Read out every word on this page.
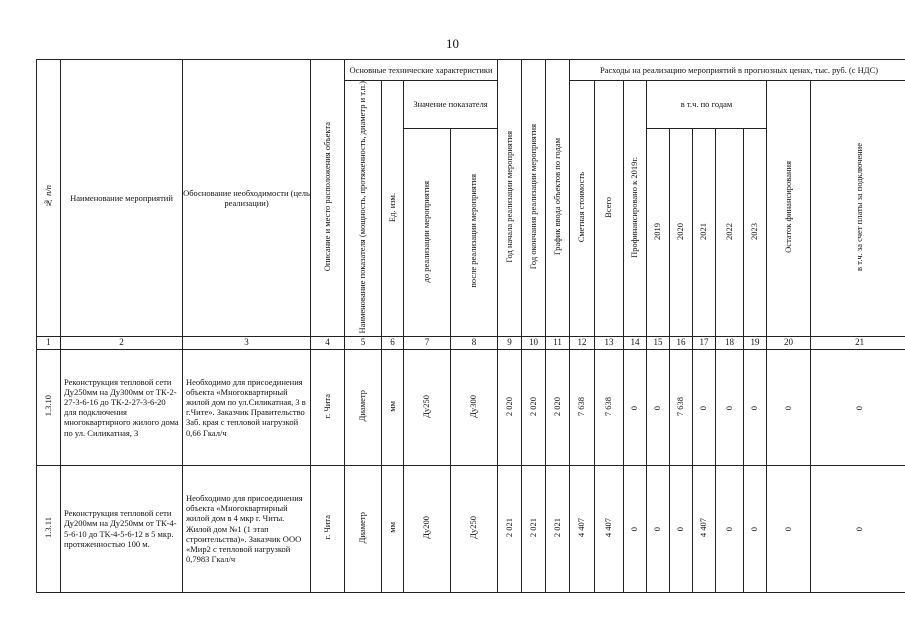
10
№ п/п	Наименование мероприятий	Обоснование необходимости (цель реализации)	Описание и место расположения объекта	Основные технические характеристики				Год начала реализации мероприятия	Год окончания реализации мероприятия	График ввода объектов по годам	Расходы на реализацию мероприятий в прогнозных ценах, тыс. руб. (с НДС)									
				Наименование показателя (мощность, протяженность, диаметр и т.п.)	Ед. изм.	Значение показателя					Сметная стоимость	Всего	Профинансировано к 2019г.	в т.ч. по годам					Остаток финансирования	в т.ч. за счет платы за подключение

						до реализации мероприятия	после реализации мероприятия							2019	2020	2021	2022	2023		

1	2	3	4	5	6	7	8	9	10	11	12	13	14	15	16	17	18	19	20	21
1.3.10	Реконструкция тепловой сети Ду250мм на Ду300мм от ТК-2-27-3-6-16 до ТК-2-27-3-6-20 для подключения многоквартирного жилого дома по ул. Силикатная, 3	Необходимо для присоединения объекта «Многоквартирный жилой дом по ул.Силикатная, 3 в г.Чите». Заказчик Правительство Заб. края с тепловой нагрузкой 0,66 Гкал/ч	г. Чита	Диаметр	мм	Ду250	Ду300	2 020	2 020	2 020	7 638	7 638	0	0	7 638	0	0	0	0	0
1.3.11	Реконструкция тепловой сети Ду200мм на Ду250мм от ТК-4-5-6-10 до ТК-4-5-6-12 в 5 мкр. протяженностью 100 м.	Необходимо для присоединения объекта «Многоквартирный жилой дом в 4 мкр г. Читы. Жилой дом №1 (1 этап строительства)». Заказчик ООО «Мир2 с тепловой нагрузкой 0,7983 Гкал/ч	г. Чита	Диаметр	мм	Ду200	Ду250	2 021	2 021	2 021	4 407	4 407	0	0	0	4 407	0	0	0	0
